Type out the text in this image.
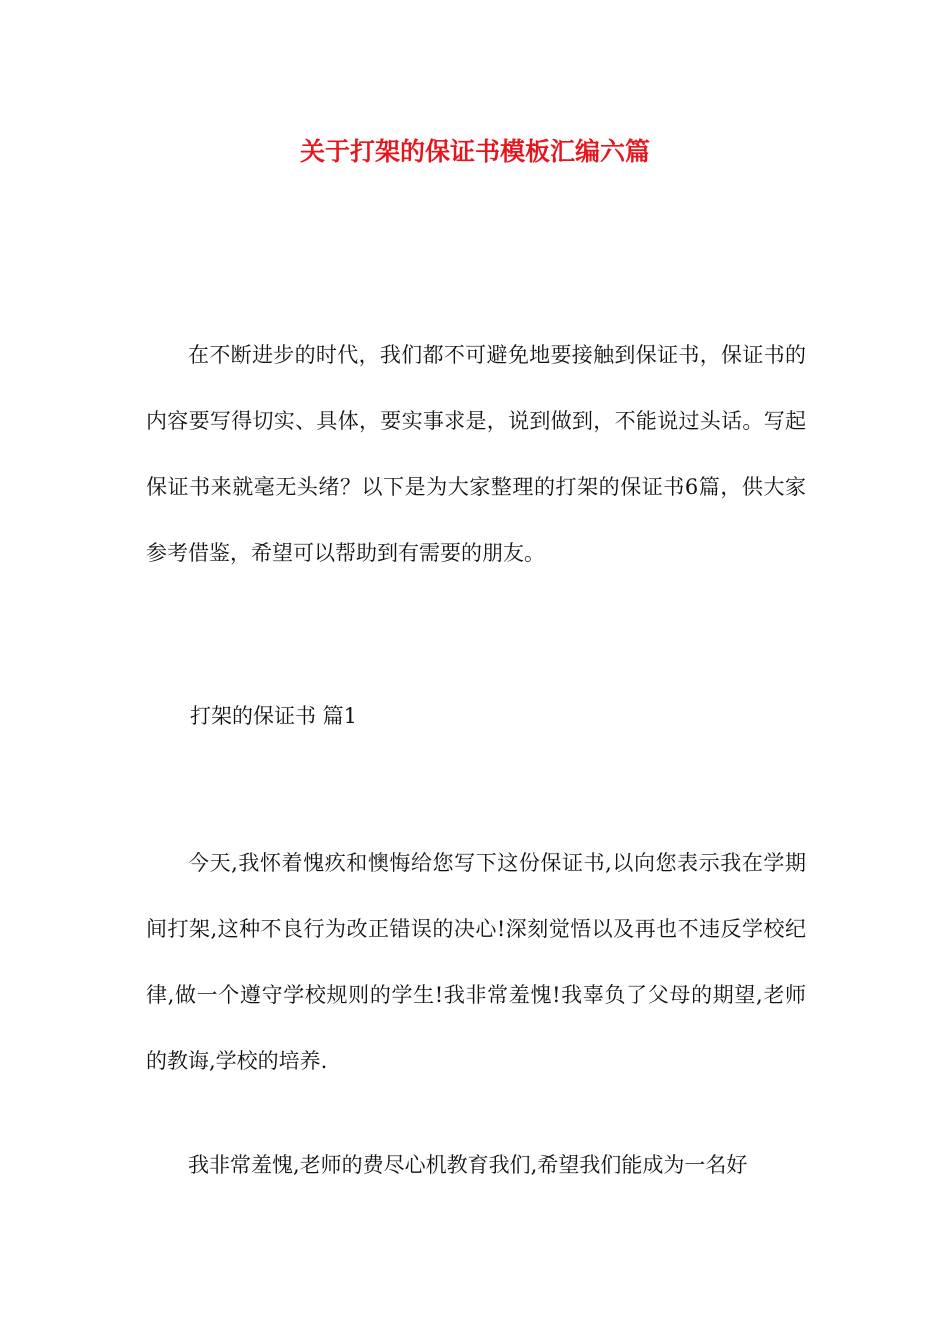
关于打架的保证书模板汇编六篇

在不断进步的时代，我们都不可避免地要接触到保证书，保证书的内容要写得切实、具体，要实事求是，说到做到，不能说过头话。写起保证书来就毫无头绪？以下是为大家整理的打架的保证书6篇，供大家参考借鉴，希望可以帮助到有需要的朋友。

打架的保证书 篇1

今天,我怀着愧疚和懊悔给您写下这份保证书,以向您表示我在学期间打架,这种不良行为改正错误的决心!深刻觉悟以及再也不违反学校纪律,做一个遵守学校规则的学生!我非常羞愧!我辜负了父母的期望,老师的教诲,学校的培养.

我非常羞愧,老师的费尽心机教育我们,希望我们能成为一名好
